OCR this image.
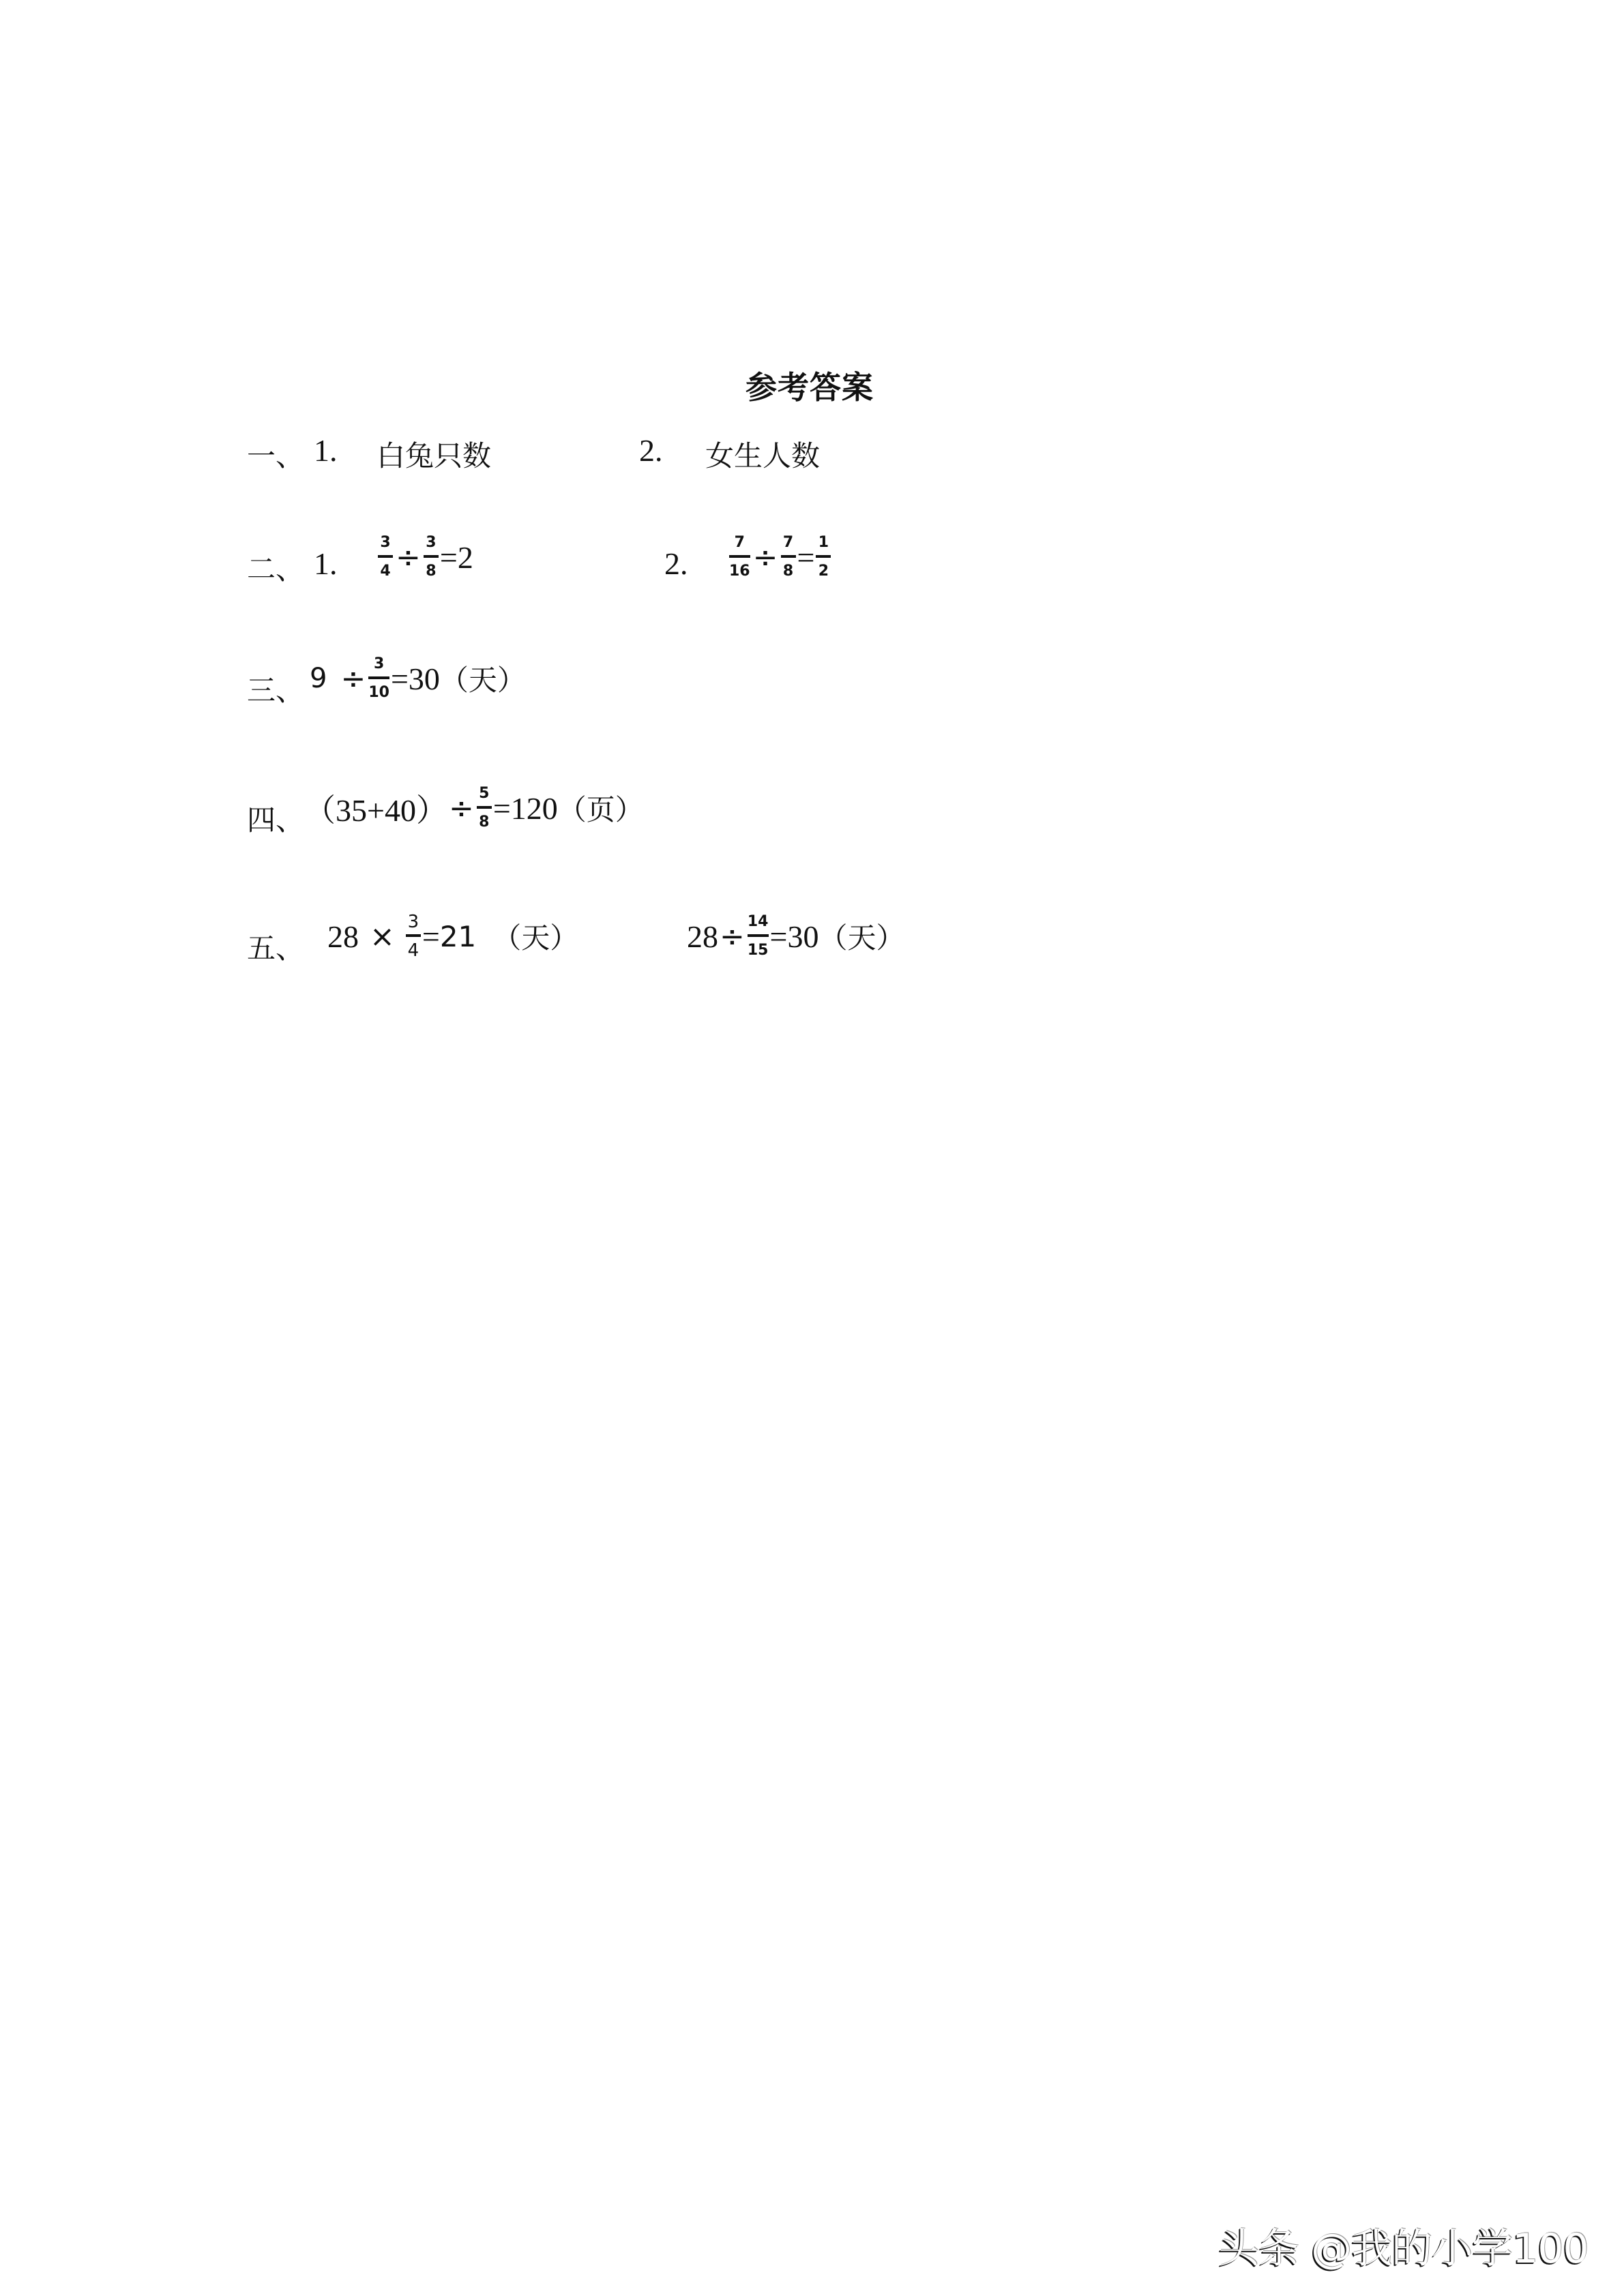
参考答案
一、 1. 白兔只数	2. 女生人数
二、 1.	$\frac{3}{4} \div \frac{3}{8} = 2$	2.	$\frac{7}{16} \div \frac{7}{8} = \frac{1}{2}$
三、 $9 \div \frac{3}{10} = 30$ （天）
四、 $(35+40) \div \frac{5}{8} = 120$ （页）
五、 $28 \times \frac{3}{4} = 21$ （天）	$28 \div \frac{14}{15} = 30$ （天）
头条 @我的小学100
